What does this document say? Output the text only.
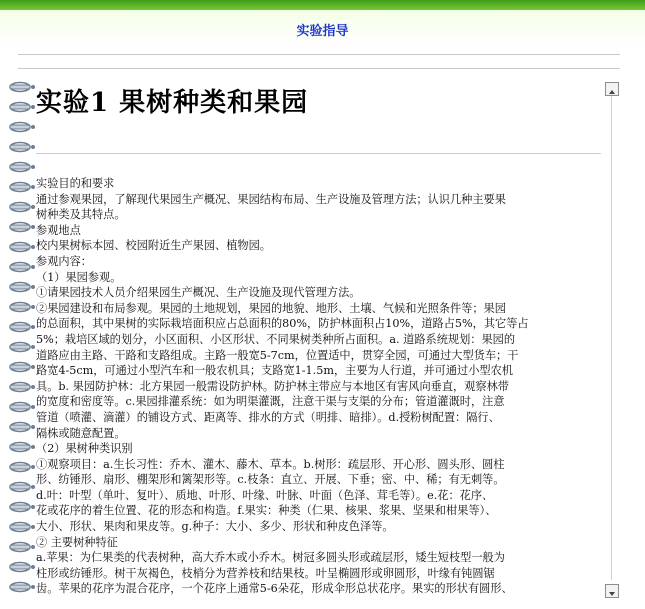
实验指导
实验1 果树种类和果园

实验目的和要求

通过参观果园，了解现代果园生产概况、果园结构布局、生产设施及管理方法；认识几种主要果

树种类及其特点。

参观地点

校内果树标本园、校园附近生产果园、植物园。

参观内容：

（1）果园参观。

①请果园技术人员介绍果园生产概况、生产设施及现代管理方法。

②果园建设和布局参观。果园的土地规划，果园的地貌、地形、土壤、气候和光照条件等；果园

的总面积，其中果树的实际栽培面积应占总面积的80%，防护林面积占10%，道路占5%，其它等占

5%；栽培区域的划分，小区面积、小区形状、不同果树类种所占面积。a. 道路系统规划：果园的

道路应由主路、干路和支路组成。主路一般宽5-7cm，位置适中，贯穿全园，可通过大型货车；干

路宽4-5cm，可通过小型汽车和一般农机具；支路宽1-1.5m，主要为人行道，并可通过小型农机

具。b. 果园防护林：北方果园一般需设防护林。防护林主带应与本地区有害风向垂直，观察林带

的宽度和密度等。c.果园排灌系统：如为明渠灌溉，注意干渠与支渠的分布；管道灌溉时，注意

管道（喷灌、滴灌）的铺设方式、距离等、排水的方式（明排、暗排）。d.授粉树配置：隔行、

隔株或随意配置。

（2）果树种类识别

①观察项目：a.生长习性：乔木、灌木、藤木、草本。b.树形：疏层形、开心形、圆头形、圆柱

形、纺锤形、扇形、棚架形和篱架形等。c.枝条：直立、开展、下垂；密、中、稀；有无刺等。

d.叶：叶型（单叶、复叶）、质地、叶形、叶缘、叶脉、叶面（色泽、茸毛等）。e.花：花序、

花或花序的着生位置、花的形态和构造。f.果实：种类（仁果、核果、浆果、坚果和柑果等）、

大小、形状、果肉和果皮等。g.种子：大小、多少、形状和种皮色泽等。

② 主要树种特征

a.苹果：为仁果类的代表树种，高大乔木或小乔木。树冠多圆头形或疏层形，矮生短枝型一般为

柱形或纺锤形。树干灰褐色，枝梢分为营养枝和结果枝。叶呈椭圆形或卵圆形，叶缘有钝圆锯

齿。苹果的花序为混合花序，一个花序上通常5-6朵花，形成伞形总状花序。果实的形状有圆形、
